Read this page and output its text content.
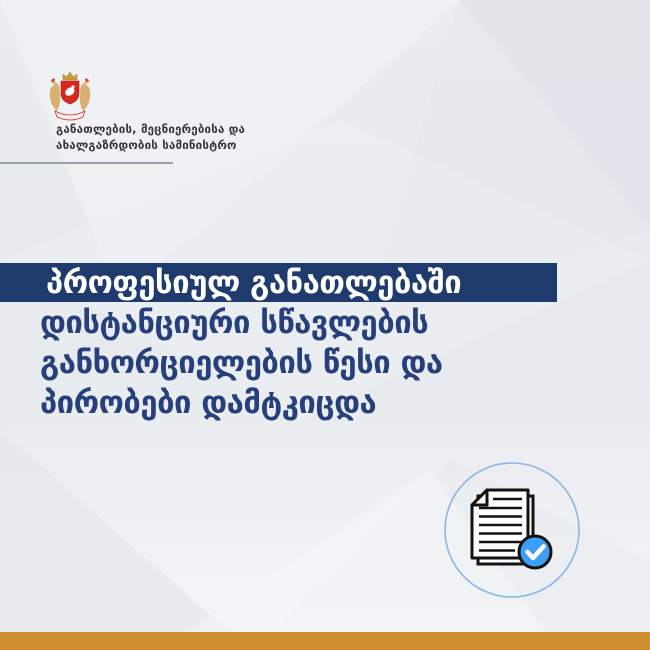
განათლების, მეცნიერებისა და
ახალგაზრდობის სამინისტრო
პროფესიულ განათლებაში
დისტანციური სწავლების
განხორციელების წესი და
პირობები დამტკიცდა
